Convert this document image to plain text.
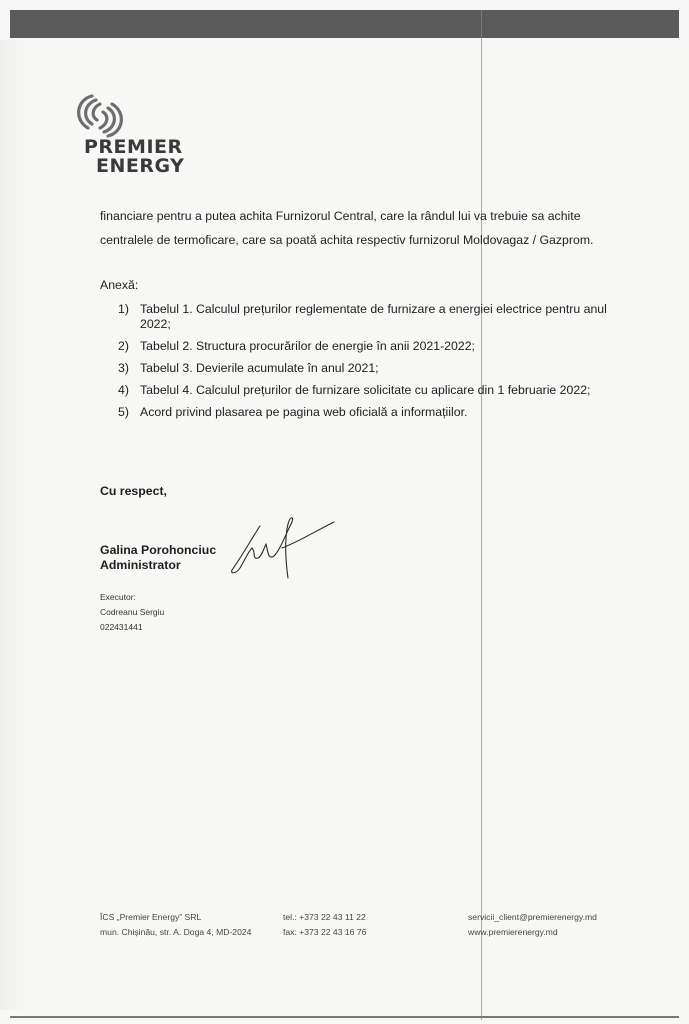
PREMIER
ENERGY

financiare pentru a putea achita Furnizorul Central, care la rândul lui va trebuie sa achite

centralele de termoficare, care sa poată achita respectiv furnizorul Moldovagaz / Gazprom.

Anexă:
1) Tabelul 1. Calculul prețurilor reglementate de furnizare a energiei electrice pentru anul 2022;
2) Tabelul 2. Structura procurărilor de energie în anii 2021-2022;
3) Tabelul 3. Devierile acumulate în anul 2021;
4) Tabelul 4. Calculul prețurilor de furnizare solicitate cu aplicare din 1 februarie 2022;
5) Acord privind plasarea pe pagina web oficială a informațiilor.
Cu respect,
Galina Porohonciuc
Administrator
Executor:
Codreanu Sergiu
022431441
ÎCS „Premier Energy” SRL
mun. Chișinău, str. A. Doga 4, MD-2024
tel.: +373 22 43 11 22
fax: +373 22 43 16 76
servicii_client@premierenergy.md
www.premierenergy.md
